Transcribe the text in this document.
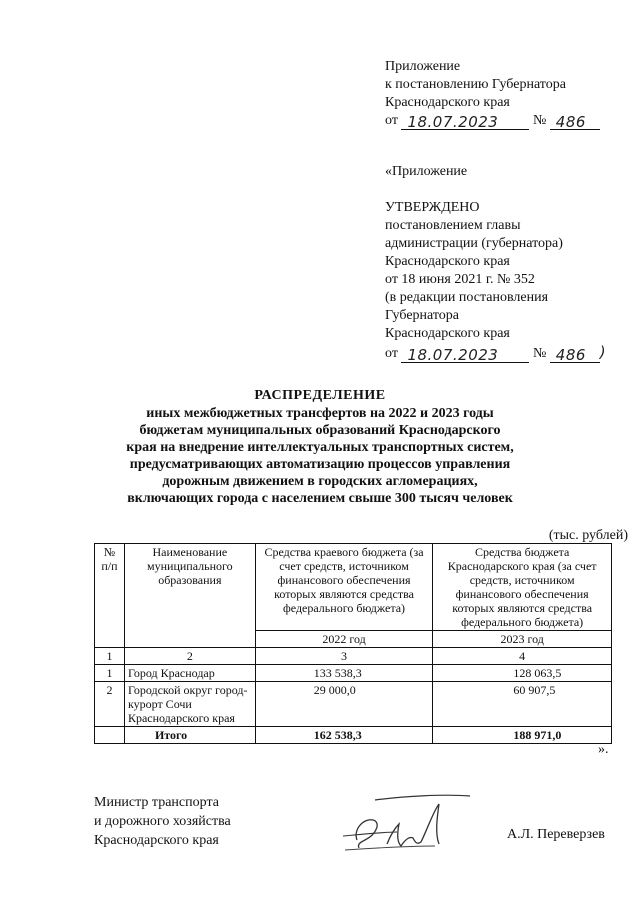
Приложение
к постановлению Губернатора
Краснодарского края
от 18.07.2023 № 486
«Приложение
УТВЕРЖДЕНО
постановлением главы
администрации (губернатора)
Краснодарского края
от 18 июня 2021 г. № 352
(в редакции постановления
Губернатора
Краснодарского края
от 18.07.2023 № 486 )
РАСПРЕДЕЛЕНИЕ
иных межбюджетных трансфертов на 2022 и 2023 годы
бюджетам муниципальных образований Краснодарского
края на внедрение интеллектуальных транспортных систем,
предусматривающих автоматизацию процессов управления
дорожным движением в городских агломерациях,
включающих города с населением свыше 300 тысяч человек
(тыс. рублей)
№ п/п	Наименование муниципального образования	Средства краевого бюджета (за счет средств, источником финансового обеспечения которых являются средства федерального бюджета)	Средства бюджета Краснодарского края (за счет средств, источником финансового обеспечения которых являются средства федерального бюджета)
		2022 год	2023 год
1	2	3	4
1	Город Краснодар	133 538,3	128 063,5
2	Городской округ город-курорт Сочи Краснодарского края	29 000,0	60 907,5
	Итого	162 538,3	188 971,0
».
Министр транспорта
и дорожного хозяйства
Краснодарского края	А.Л. Переверзев
